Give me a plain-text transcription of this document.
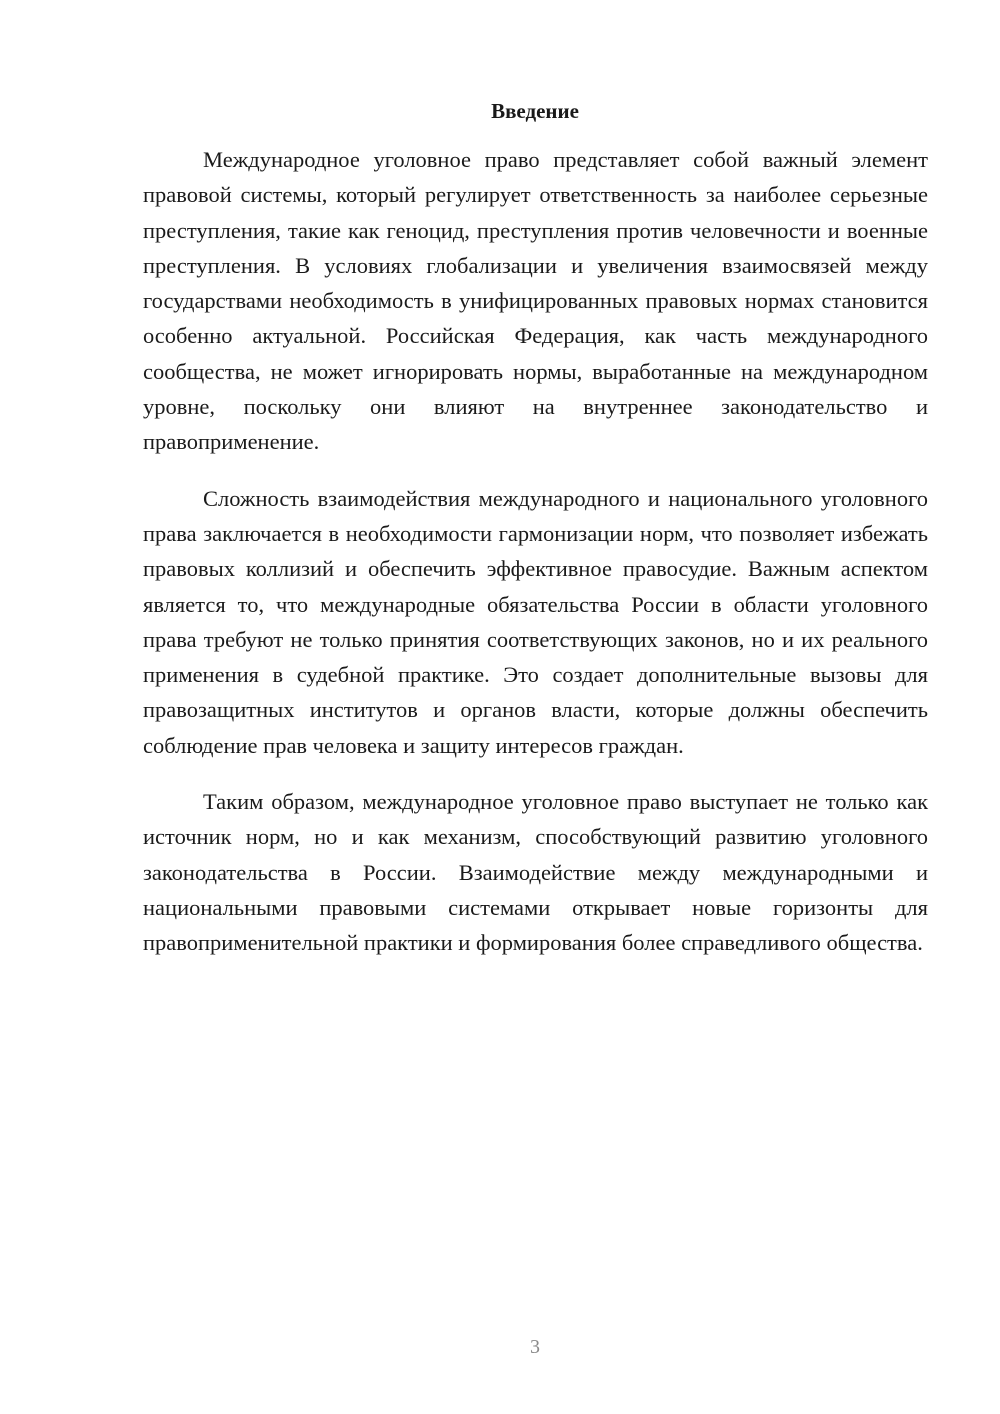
Введение

Международное уголовное право представляет собой важный элемент правовой системы, который регулирует ответственность за наиболее серьезные преступления, такие как геноцид, преступления против человечности и военные преступления. В условиях глобализации и увеличения взаимосвязей между государствами необходимость в унифицированных правовых нормах становится особенно актуальной. Российская Федерация, как часть международного сообщества, не может игнорировать нормы, выработанные на международном уровне, поскольку они влияют на внутреннее законодательство и правоприменение.

Сложность взаимодействия международного и национального уголовного права заключается в необходимости гармонизации норм, что позволяет избежать правовых коллизий и обеспечить эффективное правосудие. Важным аспектом является то, что международные обязательства России в области уголовного права требуют не только принятия соответствующих законов, но и их реального применения в судебной практике. Это создает дополнительные вызовы для правозащитных институтов и органов власти, которые должны обеспечить соблюдение прав человека и защиту интересов граждан.

Таким образом, международное уголовное право выступает не только как источник норм, но и как механизм, способствующий развитию уголовного законодательства в России. Взаимодействие между международными и национальными правовыми системами открывает новые горизонты для правоприменительной практики и формирования более справедливого общества.

3
